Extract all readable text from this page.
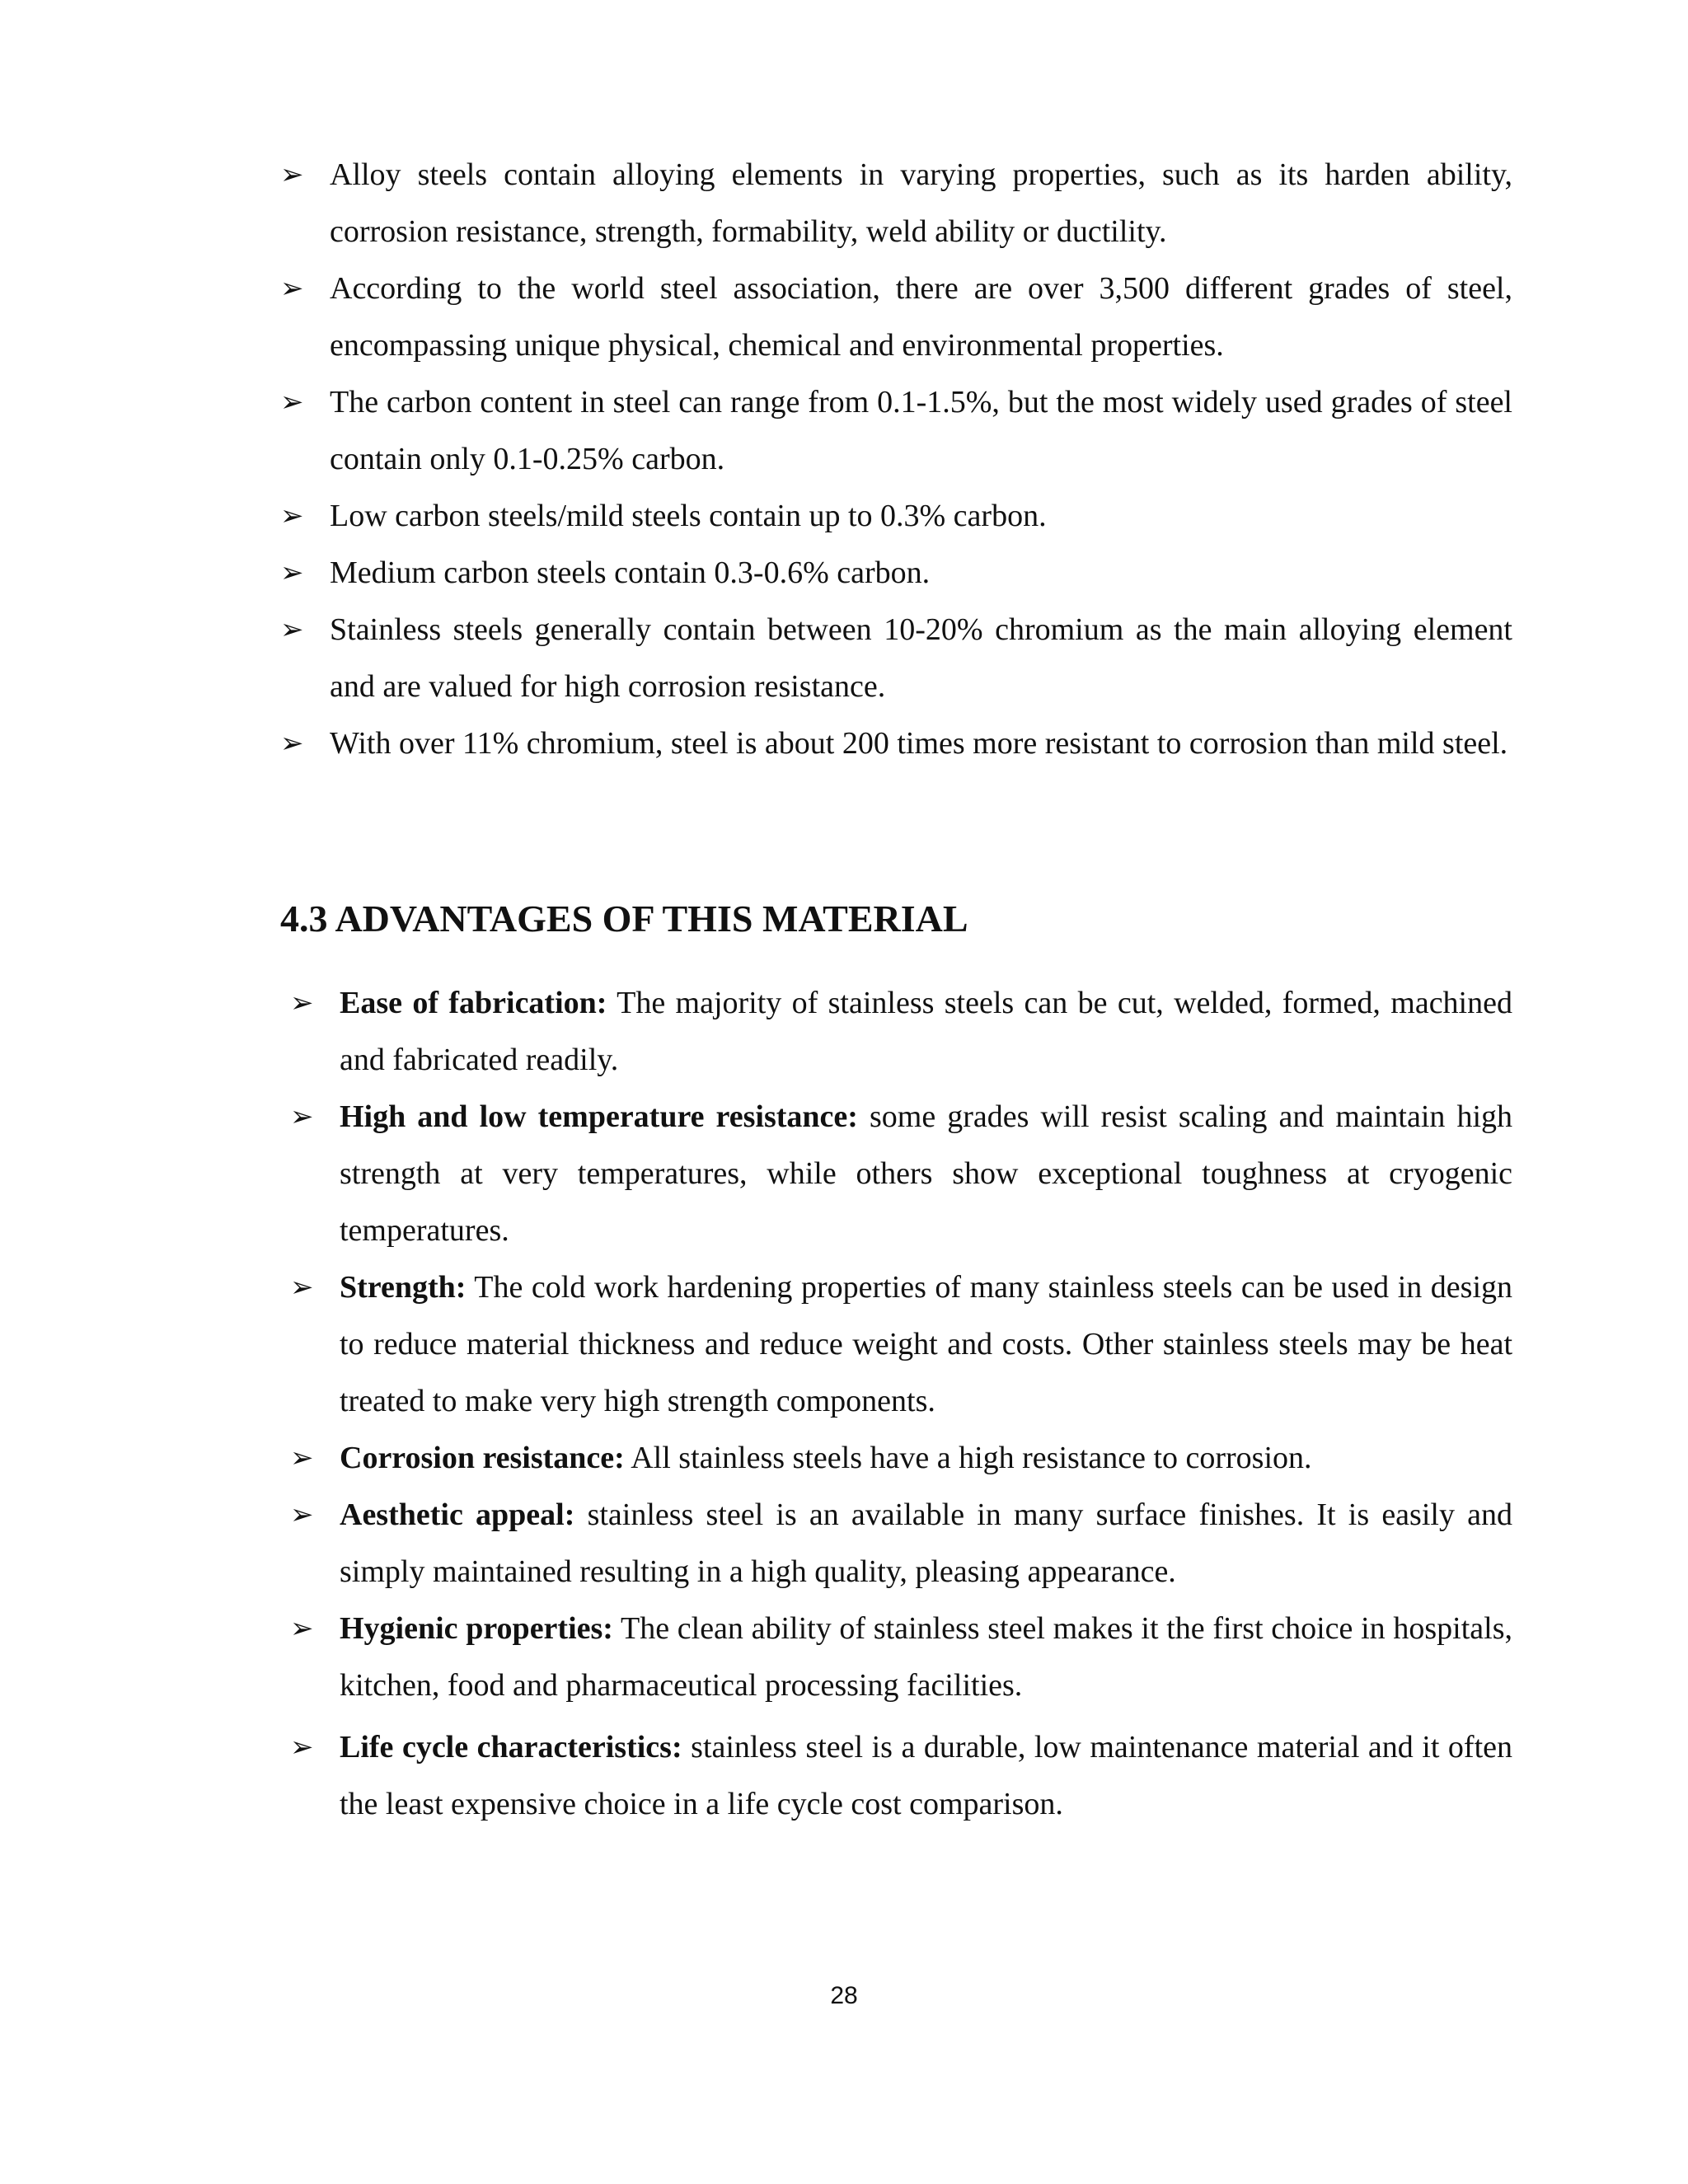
➢ Alloy steels contain alloying elements in varying properties, such as its harden ability, corrosion resistance, strength, formability, weld ability or ductility.
➢ According to the world steel association, there are over 3,500 different grades of steel, encompassing unique physical, chemical and environmental properties.
➢ The carbon content in steel can range from 0.1-1.5%, but the most widely used grades of steel contain only 0.1-0.25% carbon.
➢ Low carbon steels/mild steels contain up to 0.3% carbon.
➢ Medium carbon steels contain 0.3-0.6% carbon.
➢ Stainless steels generally contain between 10-20% chromium as the main alloying element and are valued for high corrosion resistance.
➢ With over 11% chromium, steel is about 200 times more resistant to corrosion than mild steel.
4.3 ADVANTAGES OF THIS MATERIAL
➢ Ease of fabrication: The majority of stainless steels can be cut, welded, formed, machined and fabricated readily.
➢ High and low temperature resistance: some grades will resist scaling and maintain high strength at very temperatures, while others show exceptional toughness at cryogenic temperatures.
➢ Strength: The cold work hardening properties of many stainless steels can be used in design to reduce material thickness and reduce weight and costs. Other stainless steels may be heat treated to make very high strength components.
➢ Corrosion resistance: All stainless steels have a high resistance to corrosion.
➢ Aesthetic appeal: stainless steel is an available in many surface finishes. It is easily and simply maintained resulting in a high quality, pleasing appearance.
➢ Hygienic properties: The clean ability of stainless steel makes it the first choice in hospitals, kitchen, food and pharmaceutical processing facilities.
➢ Life cycle characteristics: stainless steel is a durable, low maintenance material and it often the least expensive choice in a life cycle cost comparison.
28
